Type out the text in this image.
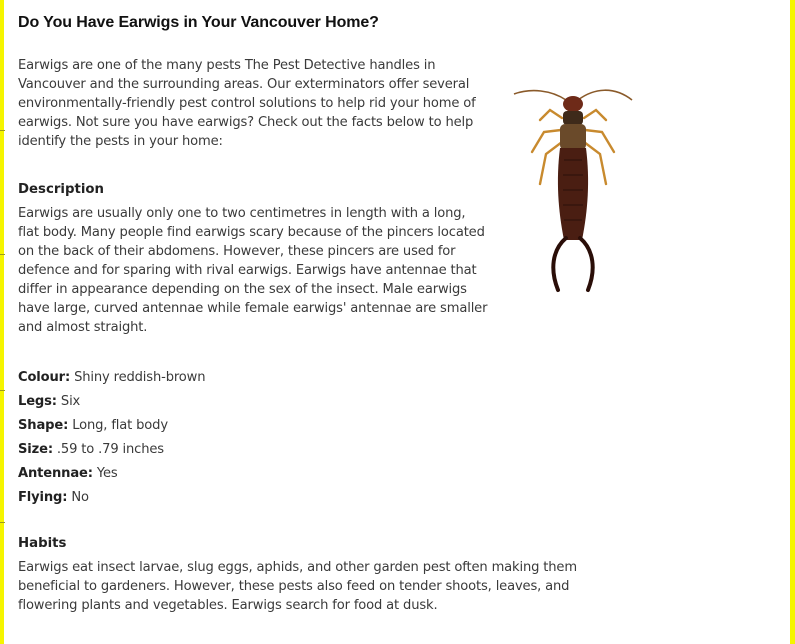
Do You Have Earwigs in Your Vancouver Home?

Earwigs are one of the many pests The Pest Detective handles in Vancouver and the surrounding areas. Our exterminators offer several environmentally-friendly pest control solutions to help rid your home of earwigs. Not sure you have earwigs? Check out the facts below to help identify the pests in your home:

Description

Earwigs are usually only one to two centimetres in length with a long, flat body. Many people find earwigs scary because of the pincers located on the back of their abdomens. However, these pincers are used for defence and for sparing with rival earwigs. Earwigs have antennae that differ in appearance depending on the sex of the insect. Male earwigs have large, curved antennae while female earwigs' antennae are smaller and almost straight.

Colour: Shiny reddish-brown
Legs: Six
Shape: Long, flat body
Size: .59 to .79 inches
Antennae: Yes
Flying: No
Habits

Earwigs eat insect larvae, slug eggs, aphids, and other garden pest often making them beneficial to gardeners. However, these pests also feed on tender shoots, leaves, and flowering plants and vegetables. Earwigs search for food at dusk.
